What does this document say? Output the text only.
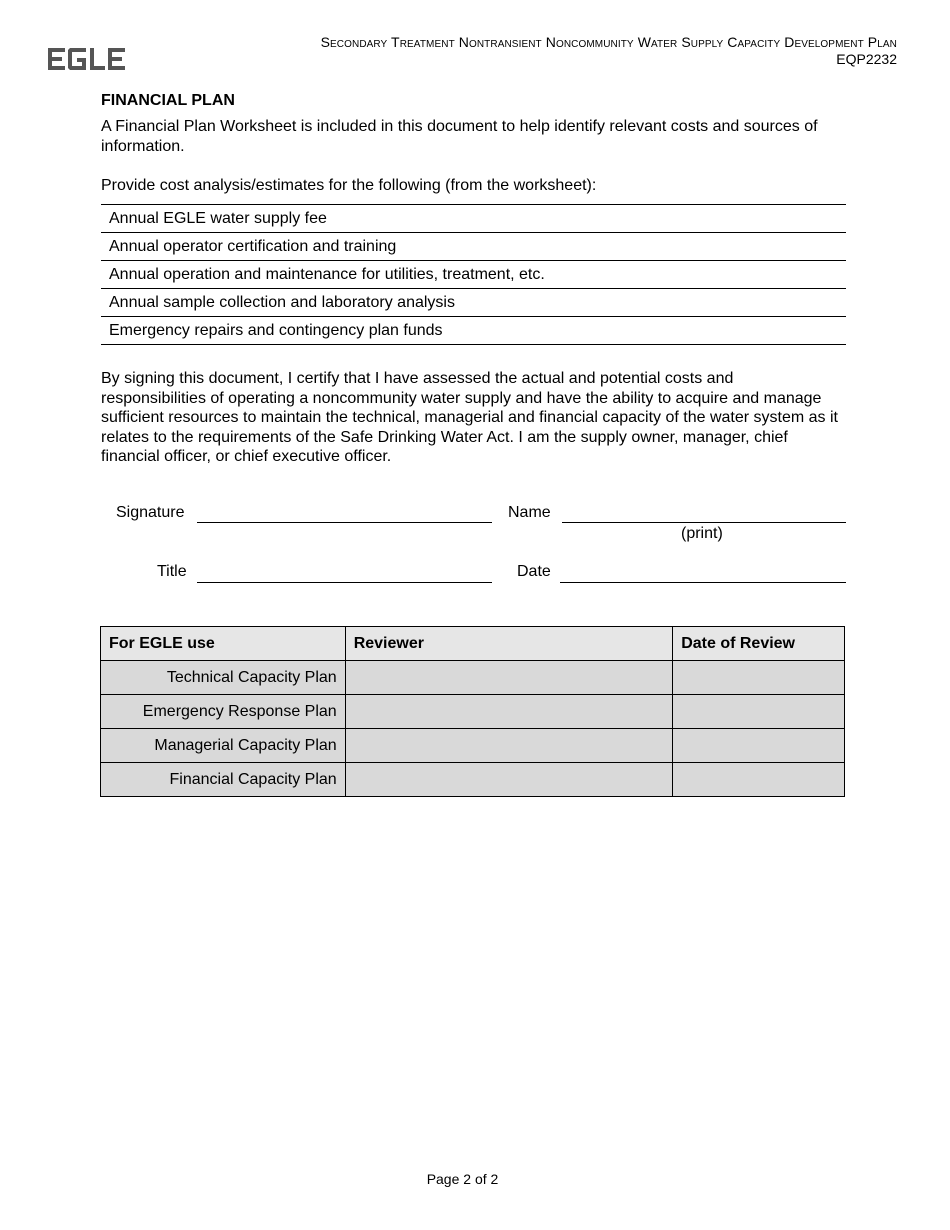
Secondary Treatment Nontransient Noncommunity Water Supply Capacity Development Plan
EQP2232
FINANCIAL PLAN
A Financial Plan Worksheet is included in this document to help identify relevant costs and sources of information.
Provide cost analysis/estimates for the following (from the worksheet):
Annual EGLE water supply fee
Annual operator certification and training
Annual operation and maintenance for utilities, treatment, etc.
Annual sample collection and laboratory analysis
Emergency repairs and contingency plan funds
By signing this document, I certify that I have assessed the actual and potential costs and responsibilities of operating a noncommunity water supply and have the ability to acquire and manage sufficient resources to maintain the technical, managerial and financial capacity of the water system as it relates to the requirements of the Safe Drinking Water Act. I am the supply owner, manager, chief financial officer, or chief executive officer.
Signature	Name
(print)
Title	Date
For EGLE use	Reviewer	Date of Review
Technical Capacity Plan		
Emergency Response Plan		
Managerial Capacity Plan		
Financial Capacity Plan		
Page 2 of 2
